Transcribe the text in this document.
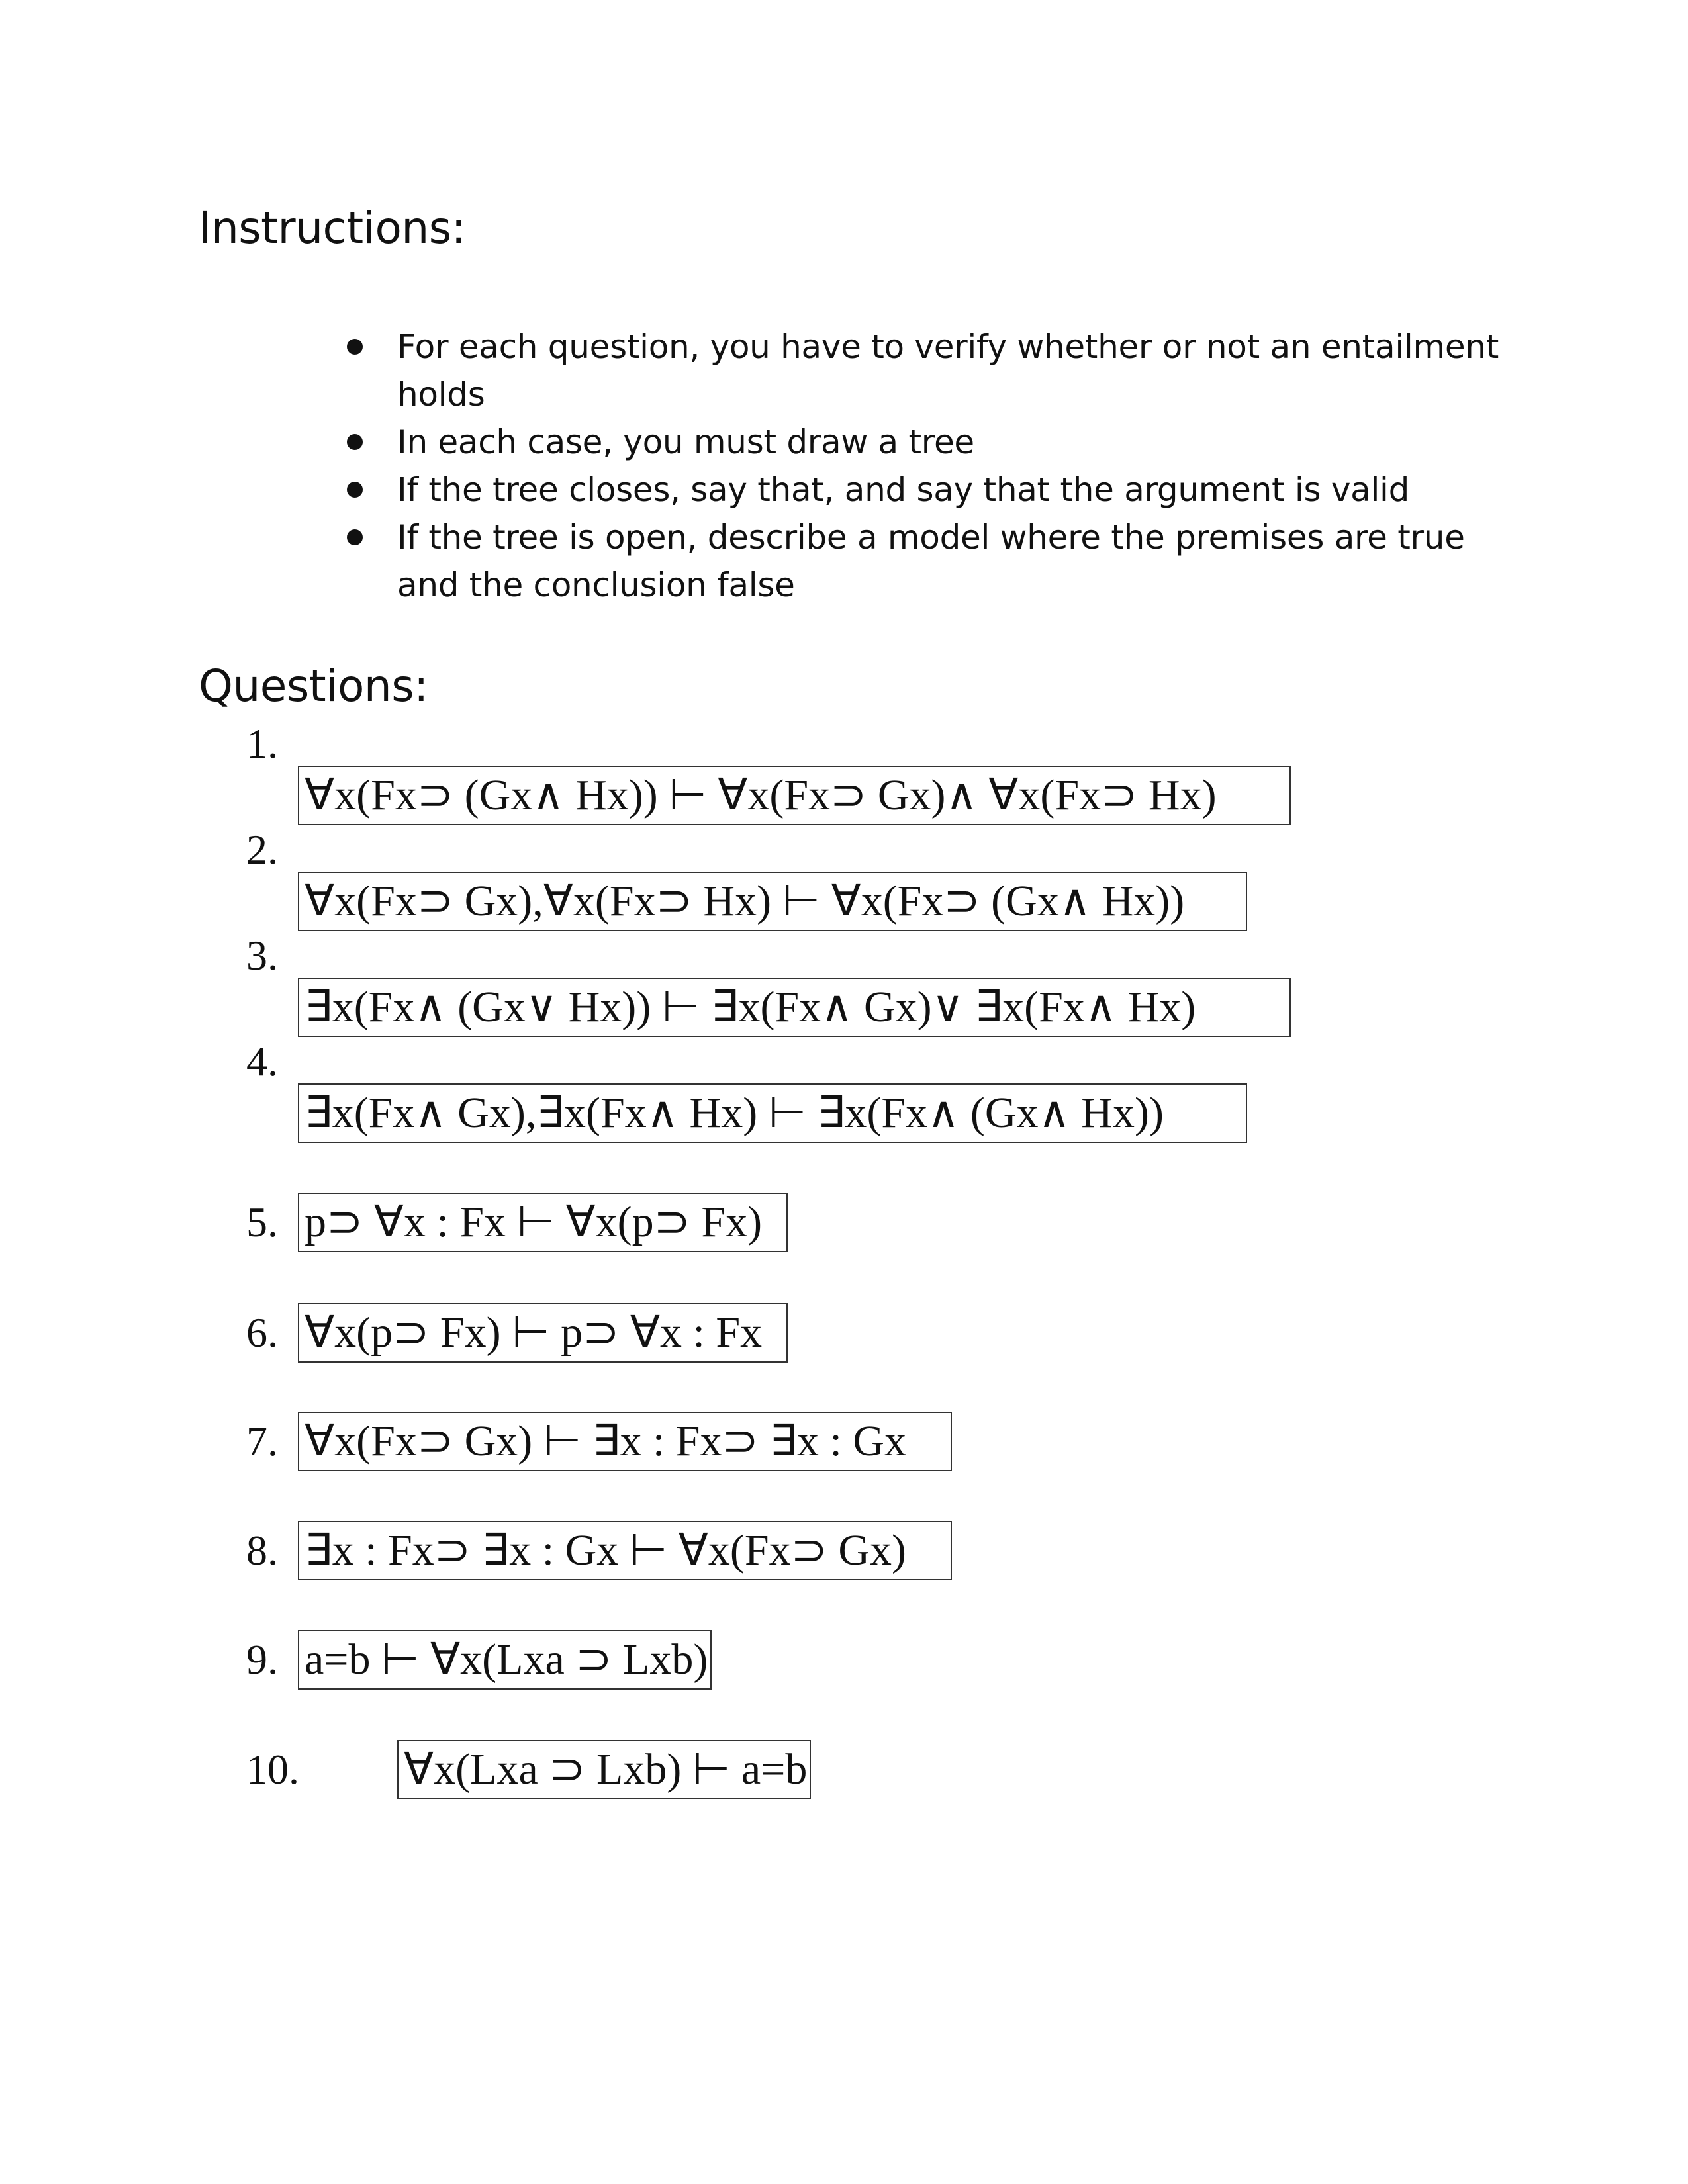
Instructions:
For each question, you have to verify whether or not an entailment holds
In each case, you must draw a tree
If the tree closes, say that, and say that the argument is valid
If the tree is open, describe a model where the premises are true and the conclusion false
Questions:
1.
∀x(Fx⊃ (Gx∧ Hx)) ⊢ ∀x(Fx⊃ Gx)∧ ∀x(Fx⊃ Hx)
2.
∀x(Fx⊃ Gx),∀x(Fx⊃ Hx) ⊢ ∀x(Fx⊃ (Gx∧ Hx))
3.
∃x(Fx∧ (Gx∨ Hx)) ⊢ ∃x(Fx∧ Gx)∨ ∃x(Fx∧ Hx)
4.
∃x(Fx∧ Gx),∃x(Fx∧ Hx) ⊢ ∃x(Fx∧ (Gx∧ Hx))
5. p⊃ ∀x : Fx ⊢ ∀x(p⊃ Fx)
6. ∀x(p⊃ Fx) ⊢ p⊃ ∀x : Fx
7. ∀x(Fx⊃ Gx) ⊢ ∃x : Fx⊃ ∃x : Gx
8. ∃x : Fx⊃ ∃x : Gx ⊢ ∀x(Fx⊃ Gx)
9. a=b ⊢ ∀x(Lxa ⊃ Lxb)
10. ∀x(Lxa ⊃ Lxb) ⊢ a=b
